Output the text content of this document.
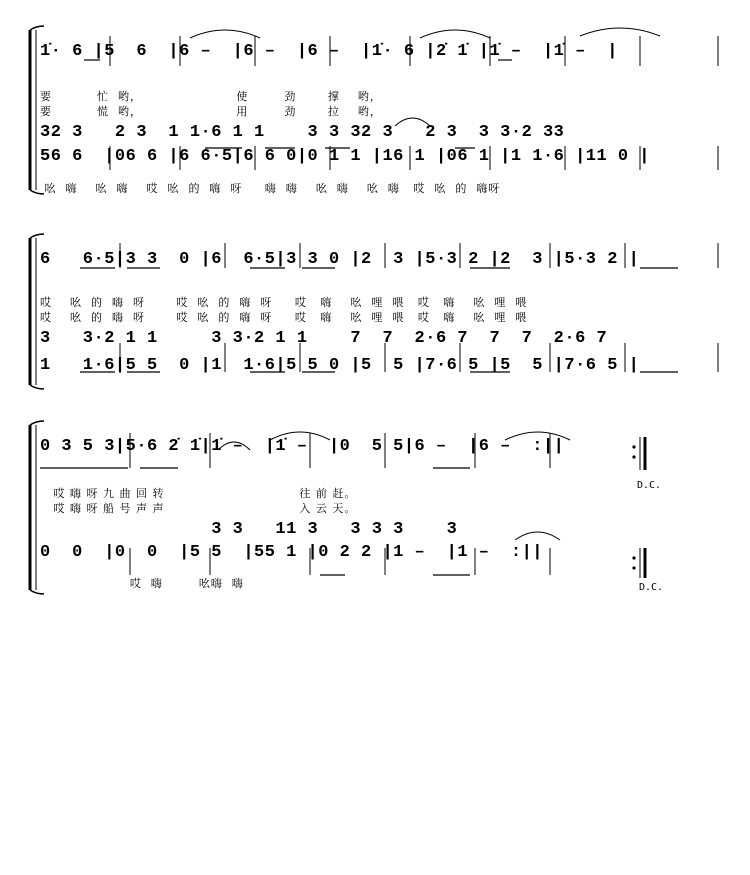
1̇· 6 |5  6  |6 –  |6 –  |6 –  |1̇· 6 |2̇ 1̇ |1̇ –  |1̇ –  |
要          忙  哟，                     使        劲       撑    哟，
要          慌  哟，                     用        劲       拉    哟，
32 3   2 3  1 1·6 1 1    3 3 32 3   2 3  3 3·2 33
56 6  |06 6 |6 6·5|6 6 0|0 1 1 |16 1 |06 1 |1 1·6 |11 0 |
吆  嗨    吆  嗨    哎  吆  的  嗨  呀     嗨  嗨    吆  嗨    吆  嗨   哎  吆  的  嗨呀
6   6·5|3 3  0 |6  6·5|3 3 0 |2  3 |5·3 2 |2  3 |5·3 2 |
哎    吆  的  嗨  呀       哎  吆  的  嗨  呀     哎   嗨    吆  哩  喂   哎   嗨    吆  哩  喂
哎    吆  的  嗨  呀       哎  吆  的  嗨  呀     哎   嗨    吆  哩  喂   哎   嗨    吆  哩  喂
3   3·2 1 1     3 3·2 1 1    7  7  2·6 7  7  7  2·6 7
1   1·6|5 5  0 |1  1·6|5 5 0 |5  5 |7·6 5 |5  5 |7·6 5 |
0 3 5 3|5·6 2̇ 1̇|1̇ –  |1̇ –  |0  5 5|6 –  |6 –  :||
哎 嗨 呀 九 曲 回 转                              往 前 赶。
哎 嗨 呀 船 号 声 声                              入 云 天。
3 3   11 3   3 3 3    3
0  0  |0  0  |5 5  |55 1 |0 2 2 |1 –  |1 –  :||
哎  嗨        吆嗨  嗨
D.C.
D.C.
